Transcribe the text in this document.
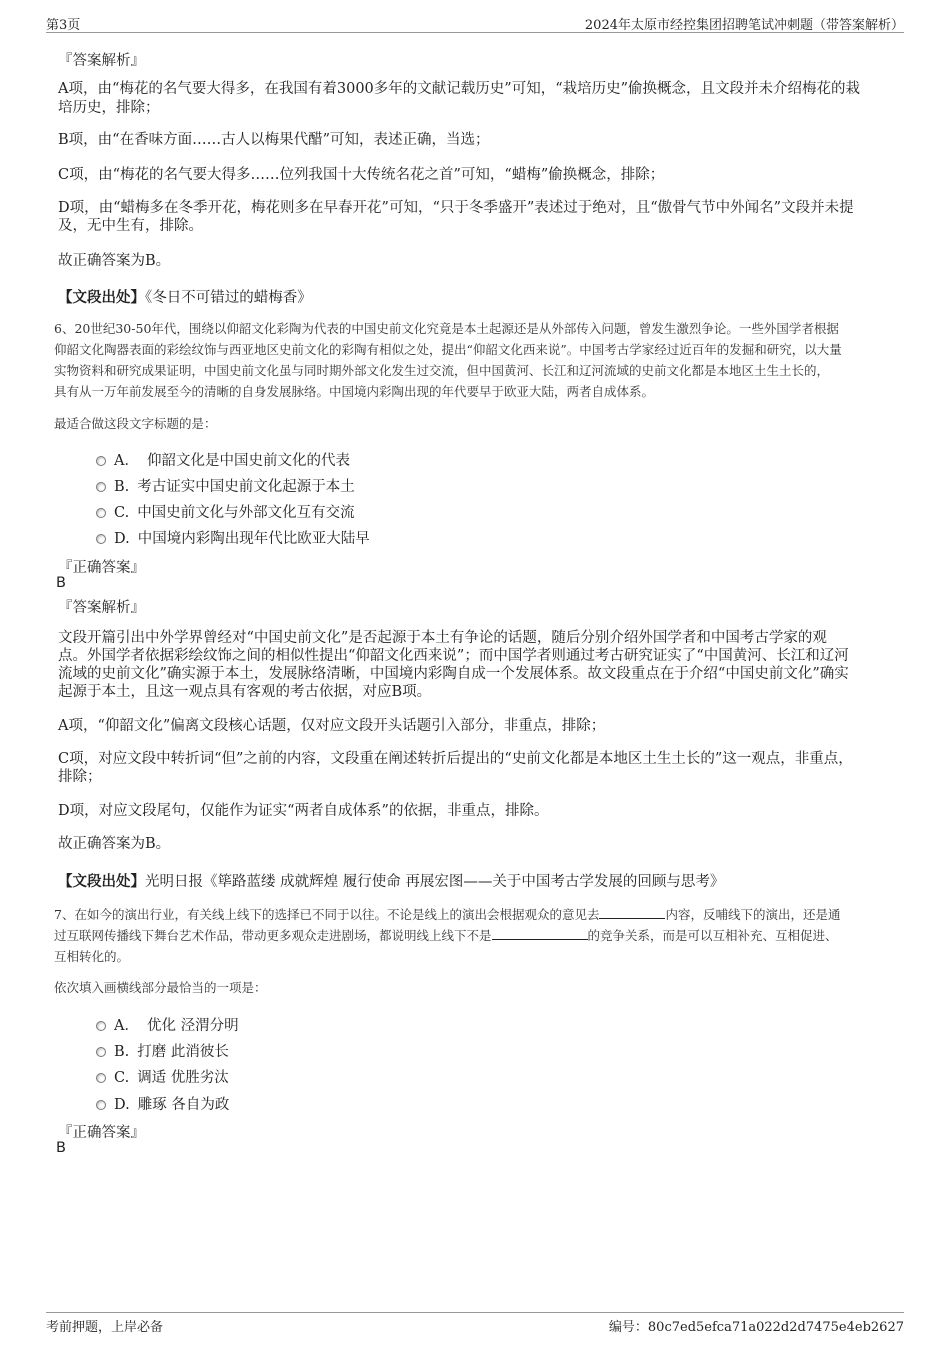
第3页	2024年太原市经控集团招聘笔试冲刺题（带答案解析）
『答案解析』
A项，由“梅花的名气要大得多，在我国有着3000多年的文献记载历史”可知，“栽培历史”偷换概念，且文段并未介绍梅花的栽
培历史，排除；
B项，由“在香味方面……古人以梅果代醋”可知，表述正确，当选；
C项，由“梅花的名气要大得多……位列我国十大传统名花之首”可知，“蜡梅”偷换概念，排除；
D项，由“蜡梅多在冬季开花，梅花则多在早春开花”可知，“只于冬季盛开”表述过于绝对，且“傲骨气节中外闻名”文段并未提
及，无中生有，排除。
故正确答案为B。
【文段出处】《冬日不可错过的蜡梅香》
6、20世纪30-50年代，围绕以仰韶文化彩陶为代表的中国史前文化究竟是本土起源还是从外部传入问题，曾发生激烈争论。一些外国学者根据
仰韶文化陶器表面的彩绘纹饰与西亚地区史前文化的彩陶有相似之处，提出“仰韶文化西来说”。中国考古学家经过近百年的发掘和研究，以大量
实物资料和研究成果证明，中国史前文化虽与同时期外部文化发生过交流，但中国黄河、长江和辽河流域的史前文化都是本地区土生土长的，
具有从一万年前发展至今的清晰的自身发展脉络。中国境内彩陶出现的年代要早于欧亚大陆，两者自成体系。
最适合做这段文字标题的是：
A． 仰韶文化是中国史前文化的代表
B. 考古证实中国史前文化起源于本土
C. 中国史前文化与外部文化互有交流
D. 中国境内彩陶出现年代比欧亚大陆早
『正确答案』
B
『答案解析』
文段开篇引出中外学界曾经对“中国史前文化”是否起源于本土有争论的话题，随后分别介绍外国学者和中国考古学家的观
点。外国学者依据彩绘纹饰之间的相似性提出“仰韶文化西来说”；而中国学者则通过考古研究证实了“中国黄河、长江和辽河
流域的史前文化”确实源于本土，发展脉络清晰，中国境内彩陶自成一个发展体系。故文段重点在于介绍“中国史前文化”确实
起源于本土，且这一观点具有客观的考古依据，对应B项。
A项，“仰韶文化”偏离文段核心话题，仅对应文段开头话题引入部分，非重点，排除；
C项，对应文段中转折词“但”之前的内容，文段重在阐述转折后提出的“史前文化都是本地区土生土长的”这一观点，非重点，
排除；
D项，对应文段尾句，仅能作为证实“两者自成体系”的依据，非重点，排除。
故正确答案为B。
【文段出处】光明日报《筚路蓝缕 成就辉煌 履行使命 再展宏图——关于中国考古学发展的回顾与思考》
7、在如今的演出行业，有关线上线下的选择已不同于以往。不论是线上的演出会根据观众的意见去	内容，反哺线下的演出，还是通
过互联网传播线下舞台艺术作品，带动更多观众走进剧场，都说明线上线下不是	的竞争关系，而是可以互相补充、互相促进、
互相转化的。
依次填入画横线部分最恰当的一项是：
A． 优化 泾渭分明
B. 打磨 此消彼长
C. 调适 优胜劣汰
D. 雕琢 各自为政
『正确答案』
B
考前押题，上岸必备	编号：80c7ed5efca71a022d2d7475e4eb2627
